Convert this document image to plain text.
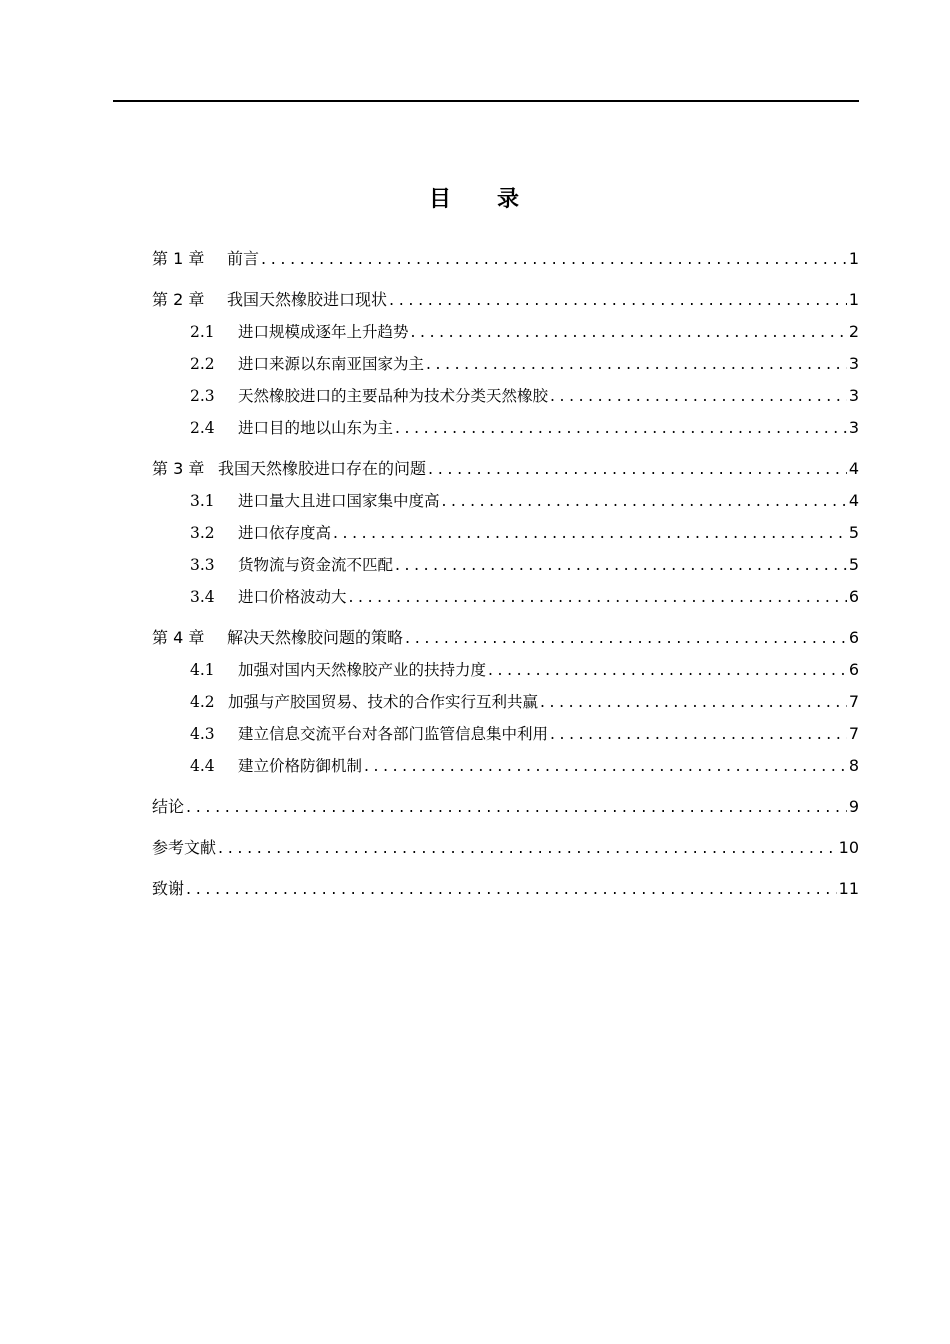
目 录
第 1 章	前言 .....	1
第 2 章	我国天然橡胶进口现状 .....	1
2.1	进口规模成逐年上升趋势 .....	2
2.2	进口来源以东南亚国家为主 .....	3
2.3	天然橡胶进口的主要品种为技术分类天然橡胶 .....	3
2.4	进口目的地以山东为主 .....	3
第 3 章 我国天然橡胶进口存在的问题 .....	4
3.1	进口量大且进口国家集中度高 .....	4
3.2	进口依存度高 .....	5
3.3	货物流与资金流不匹配 .....	5
3.4	进口价格波动大 .....	6
第 4 章	解决天然橡胶问题的策略 .....	6
4.1	加强对国内天然橡胶产业的扶持力度 .....	6
4.2 加强与产胶国贸易、技术的合作实行互利共赢 .....	7
4.3	建立信息交流平台对各部门监管信息集中利用 .....	7
4.4	建立价格防御机制 .....	8
结论 .....	9
参考文献 .....	10
致谢 .....	11
